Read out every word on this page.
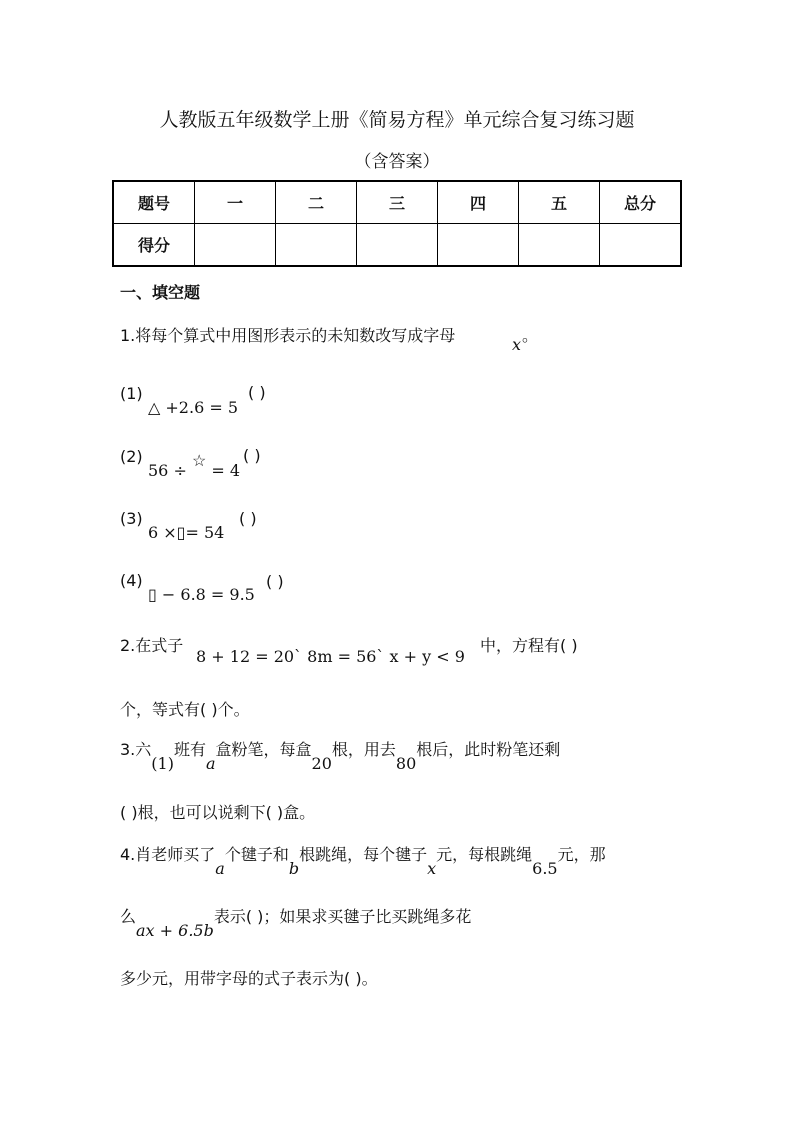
人教版五年级数学上册《简易方程》单元综合复习练习题
（含答案）
题号	一	二	三	四	五	总分
得分						
一、填空题
1.将每个算式中用图形表示的未知数改写成字母	x 。
(1)
△ +2.6 = 5
( )
(2)
56 ÷ ☆ = 4
( )
(3)
6 ×▯= 54
( )
(4)
▯ − 6.8 = 9.5
( )
2.在式子
8 + 12 = 20` 8m = 56` x + y < 9
中，方程有( )
个，等式有( )个。
3.六(1)班有a盒粉笔，每盒20根，用去80根后，此时粉笔还剩
( )根，也可以说剩下( )盒。
4.肖老师买了a个毽子和b根跳绳，每个毽子x元，每根跳绳6.5元，那
么ax + 6.5b表示( )；如果求买毽子比买跳绳多花
多少元，用带字母的式子表示为( )。
